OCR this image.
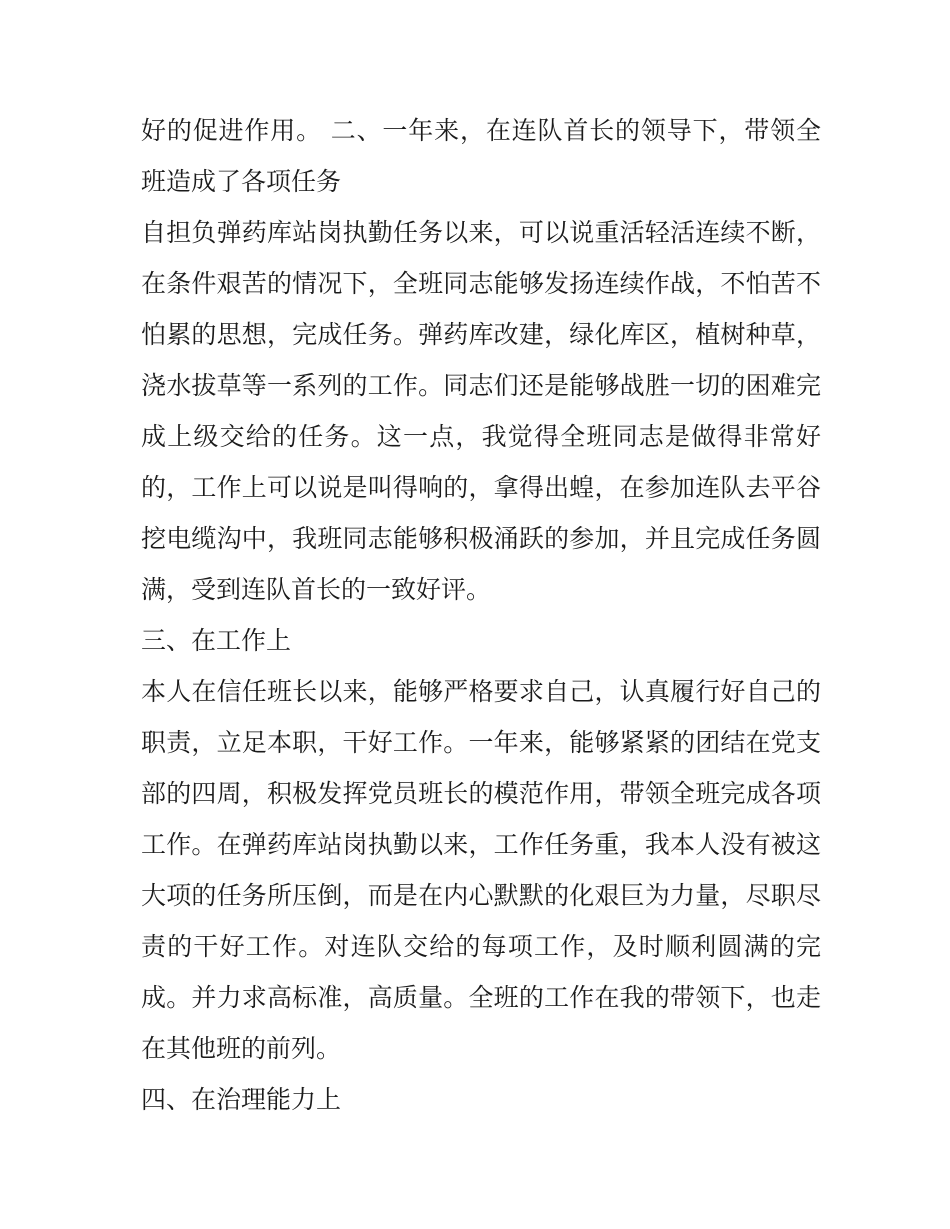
好的促进作用。 二、一年来，在连队首长的领导下，带领全
班造成了各项任务
自担负弹药库站岗执勤任务以来，可以说重活轻活连续不断，
在条件艰苦的情况下，全班同志能够发扬连续作战，不怕苦不
怕累的思想，完成任务。弹药库改建，绿化库区，植树种草，
浇水拔草等一系列的工作。同志们还是能够战胜一切的困难完
成上级交给的任务。这一点，我觉得全班同志是做得非常好
的，工作上可以说是叫得响的，拿得出蝗，在参加连队去平谷
挖电缆沟中，我班同志能够积极涌跃的参加，并且完成任务圆
满，受到连队首长的一致好评。
三、在工作上
本人在信任班长以来，能够严格要求自己，认真履行好自己的
职责，立足本职，干好工作。一年来，能够紧紧的团结在党支
部的四周，积极发挥党员班长的模范作用，带领全班完成各项
工作。在弹药库站岗执勤以来，工作任务重，我本人没有被这
大项的任务所压倒，而是在内心默默的化艰巨为力量，尽职尽
责的干好工作。对连队交给的每项工作，及时顺利圆满的完
成。并力求高标准，高质量。全班的工作在我的带领下，也走
在其他班的前列。
四、在治理能力上
